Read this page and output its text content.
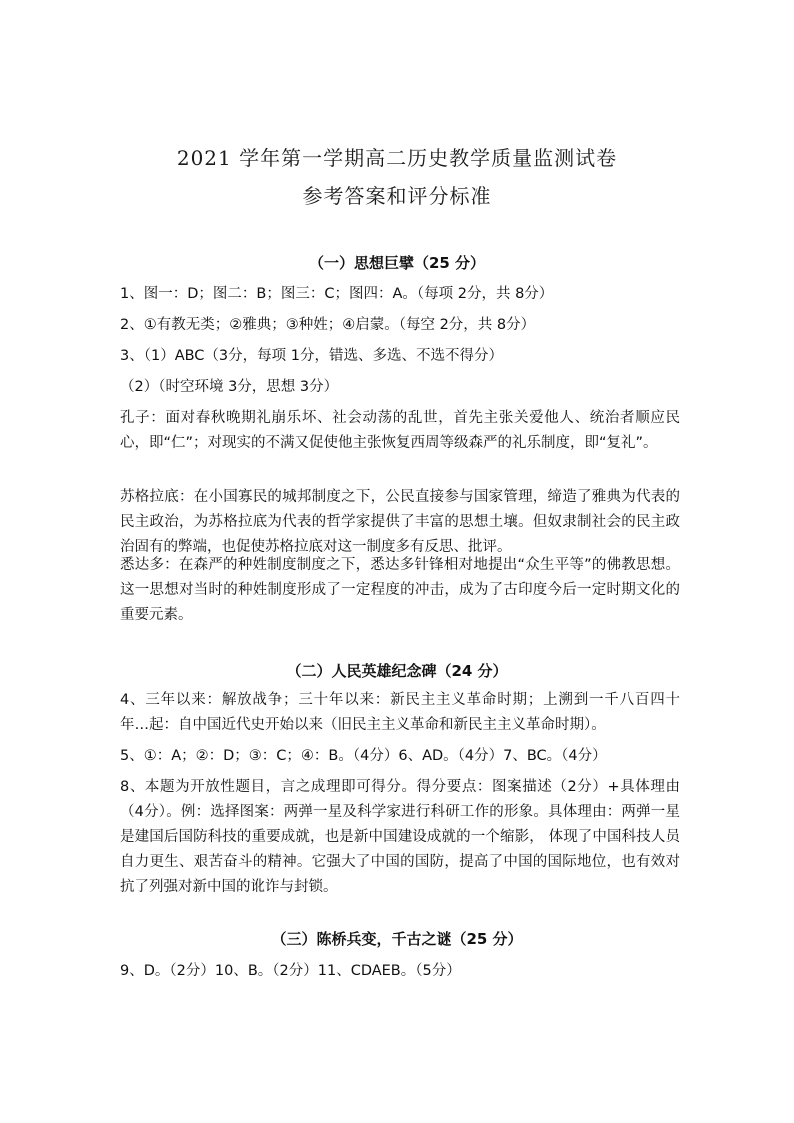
2021 学年第一学期高二历史教学质量监测试卷
参考答案和评分标准
（一）思想巨擘（25 分）
1、图一：D；图二：B；图三：C；图四：A。（每项 2分，共 8分）
2、①有教无类；②雅典；③种姓；④启蒙。（每空 2分，共 8分）
3、（1）ABC（3分，每项 1分，错选、多选、不选不得分）
（2）（时空环境 3分，思想 3分）
孔子：面对春秋晚期礼崩乐坏、社会动荡的乱世，首先主张关爱他人、统治者顺应民心，即“仁”；对现实的不满又促使他主张恢复西周等级森严的礼乐制度，即“复礼”。
苏格拉底：在小国寡民的城邦制度之下，公民直接参与国家管理，缔造了雅典为代表的民主政治，为苏格拉底为代表的哲学家提供了丰富的思想土壤。但奴隶制社会的民主政治固有的弊端，也促使苏格拉底对这一制度多有反思、批评。
悉达多：在森严的种姓制度制度之下，悉达多针锋相对地提出“众生平等”的佛教思想。这一思想对当时的种姓制度形成了一定程度的冲击，成为了古印度今后一定时期文化的重要元素。
（二）人民英雄纪念碑（24 分）
4、三年以来：解放战争；三十年以来：新民主主义革命时期；上溯到一千八百四十年…起：自中国近代史开始以来（旧民主主义革命和新民主主义革命时期）。
5、①：A；②：D；③：C；④：B。（4分）6、AD。（4分）7、BC。（4分）
8、本题为开放性题目，言之成理即可得分。得分要点：图案描述（2分）+具体理由（4分）。例：选择图案：两弹一星及科学家进行科研工作的形象。具体理由：两弹一星是建国后国防科技的重要成就，也是新中国建设成就的一个缩影， 体现了中国科技人员自力更生、艰苦奋斗的精神。它强大了中国的国防，提高了中国的国际地位，也有效对抗了列强对新中国的讹诈与封锁。
（三）陈桥兵变，千古之谜（25 分）
9、D。（2分）10、B。（2分）11、CDAEB。（5分）
